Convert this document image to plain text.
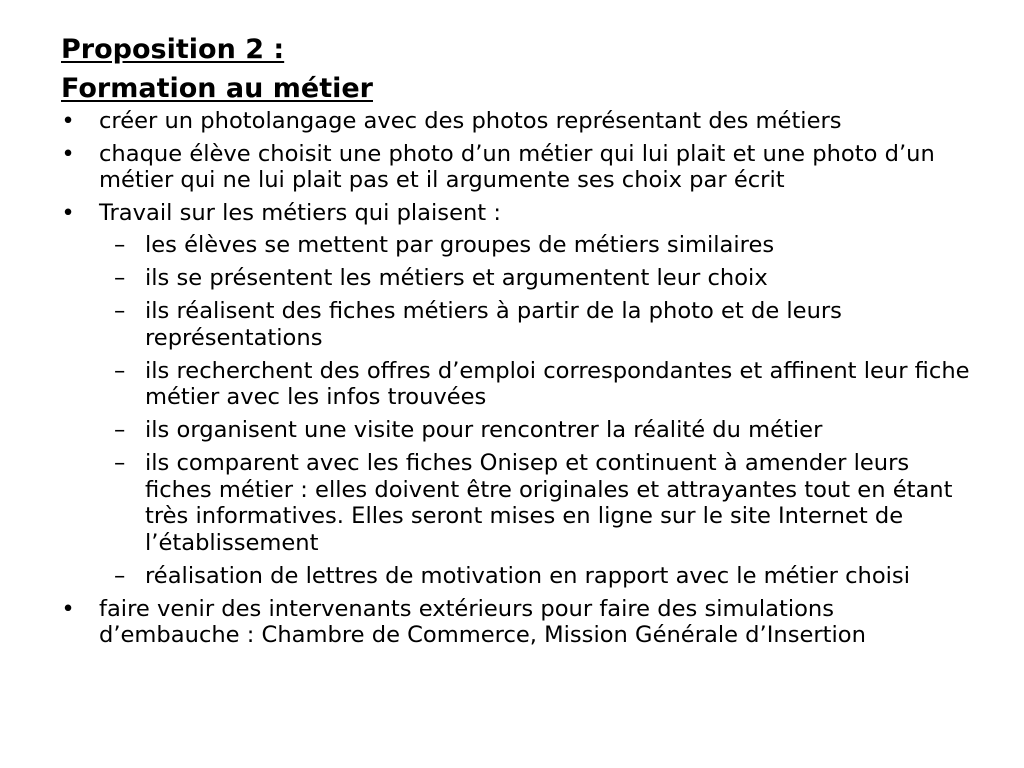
Proposition 2 :
Formation au métier
• créer un photolangage avec des photos représentant des métiers
• chaque élève choisit une photo d’un métier qui lui plait et une photo d’un métier qui ne lui plait pas et il argumente ses choix par écrit
• Travail sur les métiers qui plaisent :
– les élèves se mettent par groupes de métiers similaires
– ils se présentent les métiers et argumentent leur choix
– ils réalisent des fiches métiers à partir de la photo et de leurs représentations
– ils recherchent des offres d’emploi correspondantes et affinent leur fiche métier avec les infos trouvées
– ils organisent une visite pour rencontrer la réalité du métier
– ils comparent avec les fiches Onisep et continuent à amender leurs fiches métier : elles doivent être originales et attrayantes tout en étant très informatives. Elles seront mises en ligne sur le site Internet de l’établissement
– réalisation de lettres de motivation en rapport avec le métier choisi
• faire venir des intervenants extérieurs pour faire des simulations d’embauche : Chambre de Commerce, Mission Générale d’Insertion
